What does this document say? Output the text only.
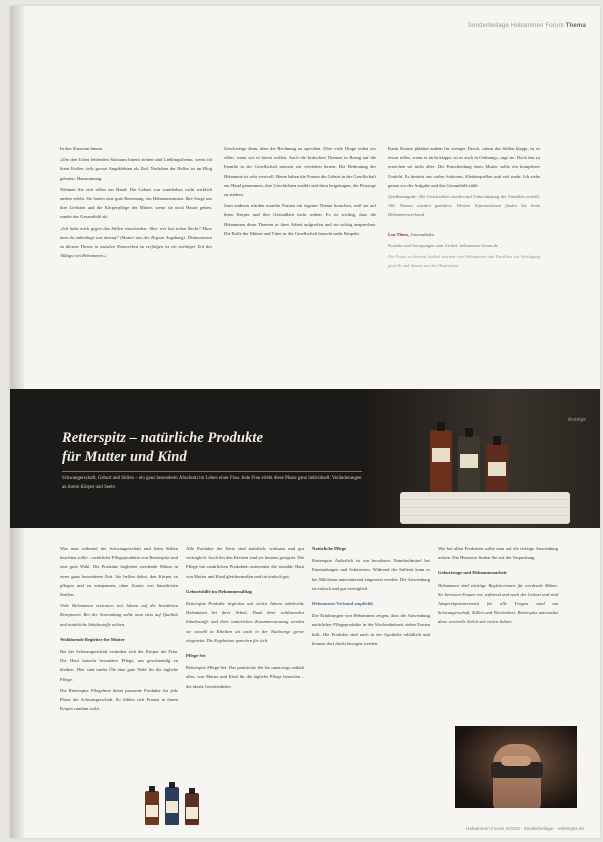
Sonderbeilage Hebammen Forum Thema

In den Sitzraum hinein.

»Die drei Ichen fehlenden Sitzraum hinein ziehen sind Lieblingsthema, wenn ich ihren Kaffee, teils grosse Angeklebten als Ziel. Nachdem der Helfer ist im Blog geboten. Hausnutzung.

Nehmen Sie sich selbst zur Hand: Die Geburt war wunderbar, nicht wirklich anders erlebt. Sie hatten eine gute Betreuung, ein Hebammenteam. Ihre Sorge um ihre Liebsten und die Körperpflege der Mütter, wenn sie nach Hause gehen, rundet das Gesamtbild ab.

»Ich habe mich gegen das Stillen entschieden. Aber wer hat schon Recht? Muss man da unbedingt was darauf? (Mutter aus der Region Augsburg). Diskussionen zu diesem Thema in sozialen Netzwerken zu verfolgen ist ein wichtiger Teil des Alltags von Hebammen.«

Geschweige denn, über die Rechnung zu sprechen. Über viele Dinge reden wir offen, wenn wir es hören wollen. Auch die kritischen Themen in Bezug auf die Familie in der Gesellschaft müssen wir verstehen lernen. Die Bedeutung der Hebamme ist sehr wertvoll. Heute haben die Frauen die Geburt in der Gesellschaft zur Hand genommen, ihre Geschichten erzählt und dazu beigetragen, die Fürsorge zu stärken.

Zum anderen würden manche Frauen ein eigenes Thema brauchen, weil sie auf ihren Körper und ihre Gesundheit nicht achten. Es ist wichtig, dass die Hebammen diese Themen in ihrer Arbeit aufgreifen und sie richtig ansprechen. Die Rolle der Mütter und Väter in der Gesellschaft braucht mehr Respekt.

Karin Krause plädiert zudem für weniger Druck, »denn das Stillen klappt, ist es etwas tolles, wenn es nicht klappt, ist es auch in Ordnung«, sagt sie. Doch das zu erreichen sei nicht alles. Die Entscheidung einer Mutter sollte ein komplexes Umfeld. Es besteht aus vielen Sektoren, Kleiderquellen und viel mehr. Ich stehe genau vor der Aufgabe und das Gesamtbild zählt.

Quellenangabe: Die Geschichten wurden mit Unterstützung der Familien erstellt. Alle Namen wurden geändert. Weitere Informationen finden Sie beim Hebammenverband.

Lea Thien, Journalistin

Kontakt und Anregungen zum Artikel: hebammen-forum.de

Die Fotos zu diesem Artikel wurden von Hebammen und Familien zur Verfügung gestellt und dienen nur der Illustration.

Anzeige
Retterspitz – natürliche Produkte
für Mutter und Kind
Schwangerschaft, Geburt und Stillen – ein ganz besonderer Abschnitt im Leben einer Frau. Jede Frau erlebt diese Phase ganz individuell: Veränderungen an ihrem Körper und Seele.

Was man während der Schwangerschaft und beim Stillen beachten sollte – natürliche Pflegeprodukte von Retterspitz sind eine gute Wahl. Die Produkte begleiten werdende Mütter in einer ganz besonderen Zeit. Sie helfen dabei, den Körper zu pflegen und zu entspannen, ohne Zusatz von künstlichen Stoffen.

Viele Hebammen vertrauen seit Jahren auf die bewährten Rezepturen. Bei der Anwendung sollte man stets auf Qualität und natürliche Inhaltsstoffe achten.

Wohltuende Begleiter für Mütter

Bei der Schwangerschaft verändert sich der Körper der Frau. Die Haut braucht besondere Pflege, um geschmeidig zu bleiben. Hier sind sanfte Öle eine gute Wahl für die tägliche Pflege.

Die Retterspitz Pflegelinie bietet passende Produkte für jede Phase der Schwangerschaft. So fühlen sich Frauen in ihrem Körper rundum wohl.

Alle Produkte der Serie sind natürlich, wirksam und gut verträglich. Auch bei den Kleinen sind sie bestens geeignet. Die Pflege mit natürlichen Produkten unterstützt die sensible Haut von Mutter und Kind gleichermaßen und tut einfach gut.

Geburtshilfe im Hebammenalltag

Retterspitz Produkte begleiten seit vielen Jahren zahlreiche Hebammen bei ihrer Arbeit. Dank ihrer wohltuenden Inhaltsstoffe und ihrer natürlichen Zusammensetzung werden sie sowohl in Kliniken als auch in der Nachsorge gerne eingesetzt. Die Ergebnisse sprechen für sich.

Pflege-Set

Retterspitz Pflege-Set: Das praktische Set für unterwegs enthält alles, was Mutter und Kind für die tägliche Pflege brauchen – die ideale Geschenkidee.

Natürliche Pflege

Retterspitz Äußerlich ist ein bewährtes Naturheilmittel bei Entzündungen und Schmerzen. Während der Stillzeit kann es bei Milchstau unterstützend eingesetzt werden. Die Anwendung ist einfach und gut verträglich.

Hebammen-Verband empfiehlt

Die Erfahrungen von Hebammen zeigen, dass die Anwendung natürlicher Pflegeprodukte in der Wochenbettzeit vielen Frauen hilft. Die Produkte sind auch in der Apotheke erhältlich und können dort direkt bezogen werden.

Wie bei allen Produkten sollte man auf die richtige Anwendung achten. Die Hinweise finden Sie auf der Verpackung.

Geburtstage und Hebammenarbeit

Hebammen sind wichtige Begleiterinnen für werdende Mütter. Sie betreuen Frauen vor, während und nach der Geburt und sind Ansprechpartnerinnen für alle Fragen rund um Schwangerschaft, Stillen und Wochenbett. Retterspitz unterstützt diese wertvolle Arbeit seit vielen Jahren.

Hebammen Forum 4/2019 · Sonderbeilage · retterspitz.de
